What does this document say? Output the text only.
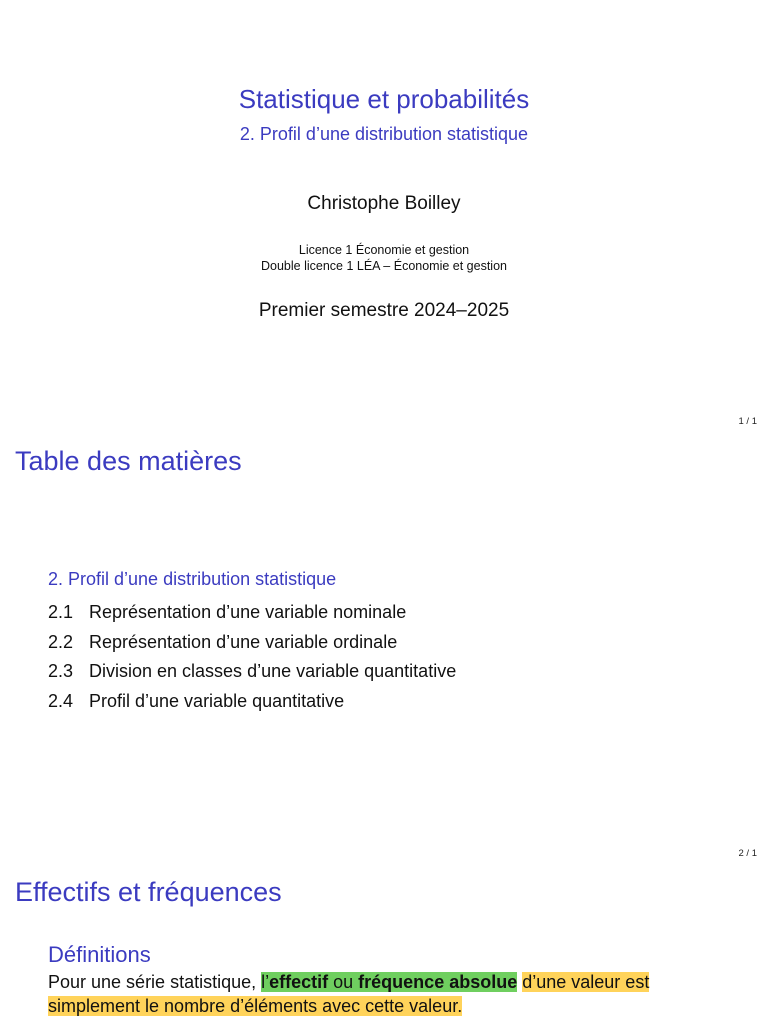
Statistique et probabilités
2. Profil d’une distribution statistique
Christophe Boilley
Licence 1 Économie et gestion
Double licence 1 LÉA – Économie et gestion
Premier semestre 2024–2025
1 / 1
Table des matières
2. Profil d’une distribution statistique
2.1 Représentation d’une variable nominale
2.2 Représentation d’une variable ordinale
2.3 Division en classes d’une variable quantitative
2.4 Profil d’une variable quantitative
2 / 1
Effectifs et fréquences
Définitions
Pour une série statistique, l’effectif ou fréquence absolue d’une valeur est simplement le nombre d’éléments avec cette valeur.
